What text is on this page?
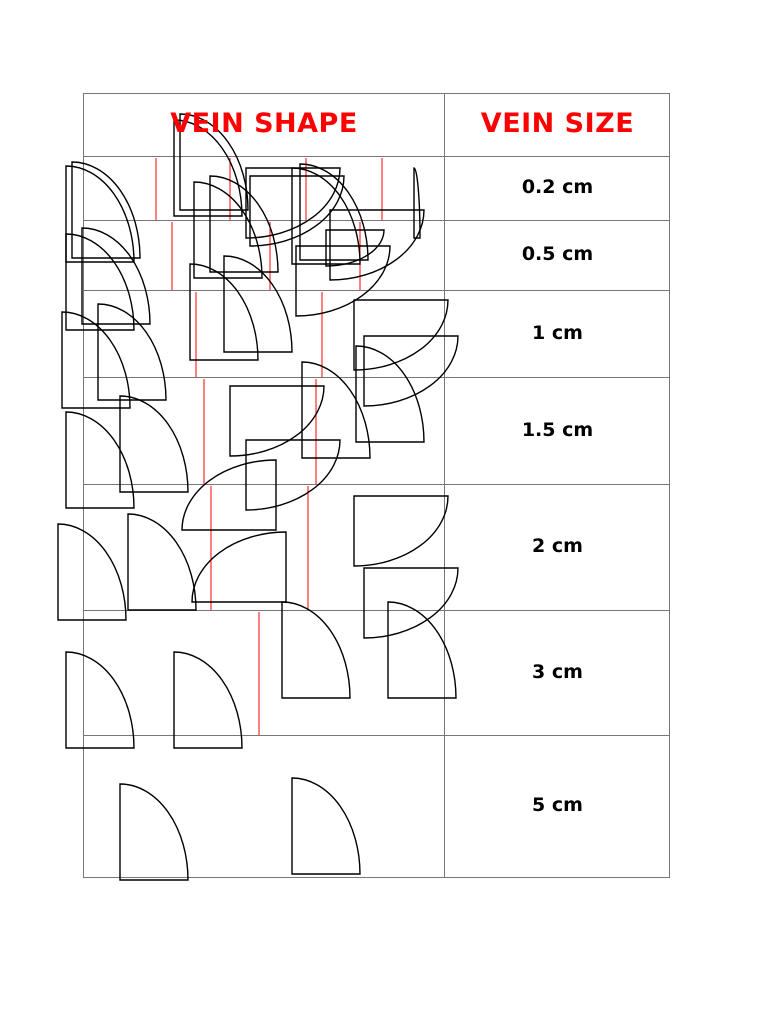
VEIN SHAPE	VEIN SIZE
0.2 cm
0.5 cm
1 cm
1.5 cm
2 cm
3 cm
5 cm
